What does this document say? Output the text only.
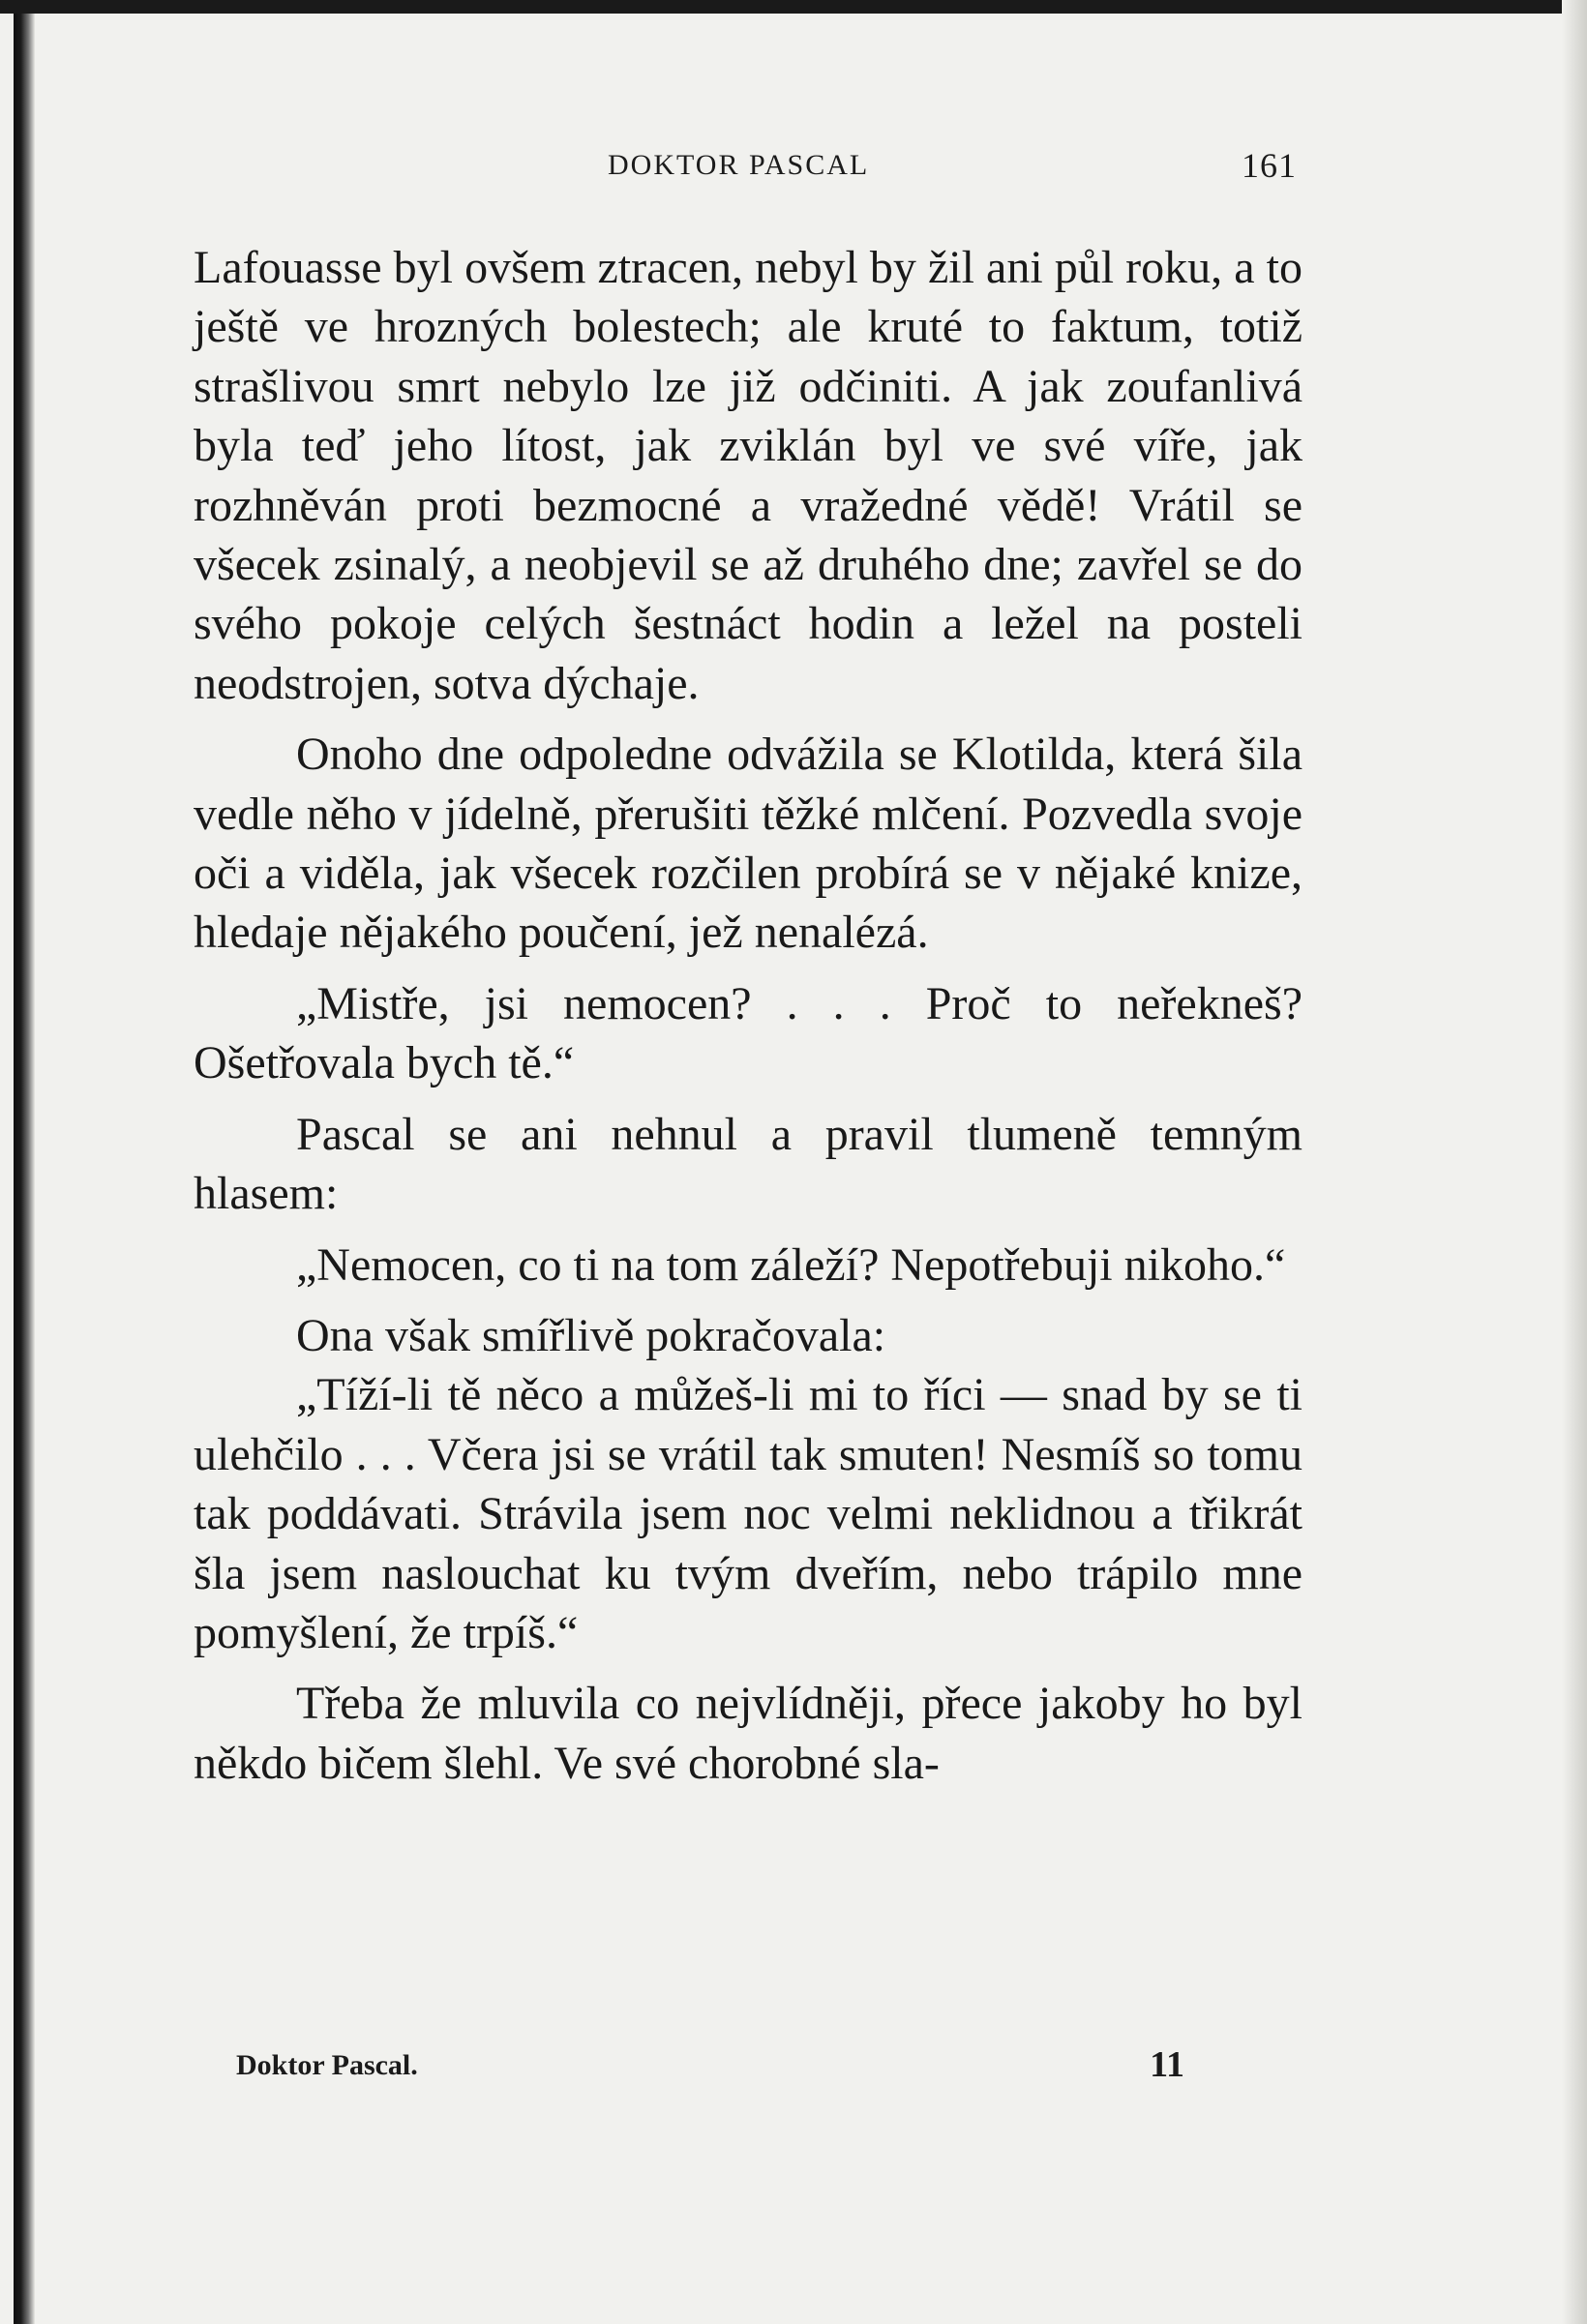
DOKTOR PASCAL	161

Lafouasse byl ovšem ztracen, nebyl by žil ani půl roku, a to ještě ve hrozných bolestech; ale kruté to faktum, totiž strašlivou smrt nebylo lze již odčiniti. A jak zoufanlivá byla teď jeho lítost, jak zviklán byl ve své víře, jak rozhněván proti bezmocné a vražedné vědě! Vrátil se všecek zsinalý, a neobjevil se až druhého dne; zavřel se do svého pokoje celých šestnáct hodin a ležel na posteli neodstrojen, sotva dýchaje.

Onoho dne odpoledne odvážila se Klotilda, která šila vedle něho v jídelně, přerušiti těžké mlčení. Pozvedla svoje oči a viděla, jak všecek rozčilen probírá se v nějaké knize, hledaje nějakého poučení, jež nenalézá.

„Mistře, jsi nemocen? . . . Proč to neřekneš? Ošetřovala bych tě.“

Pascal se ani nehnul a pravil tlumeně temným hlasem:

„Nemocen, co ti na tom záleží? Nepotřebuji nikoho.“

Ona však smířlivě pokračovala:

„Tíží-li tě něco a můžeš-li mi to říci — snad by se ti ulehčilo . . . Včera jsi se vrátil tak smuten! Nesmíš so tomu tak poddávati. Strávila jsem noc velmi neklidnou a třikrát šla jsem naslouchat ku tvým dveřím, nebo trápilo mne pomyšlení, že trpíš.“

Třeba že mluvila co nejvlídněji, přece jakoby ho byl někdo bičem šlehl. Ve své chorobné sla-

Doktor Pascal.	11
